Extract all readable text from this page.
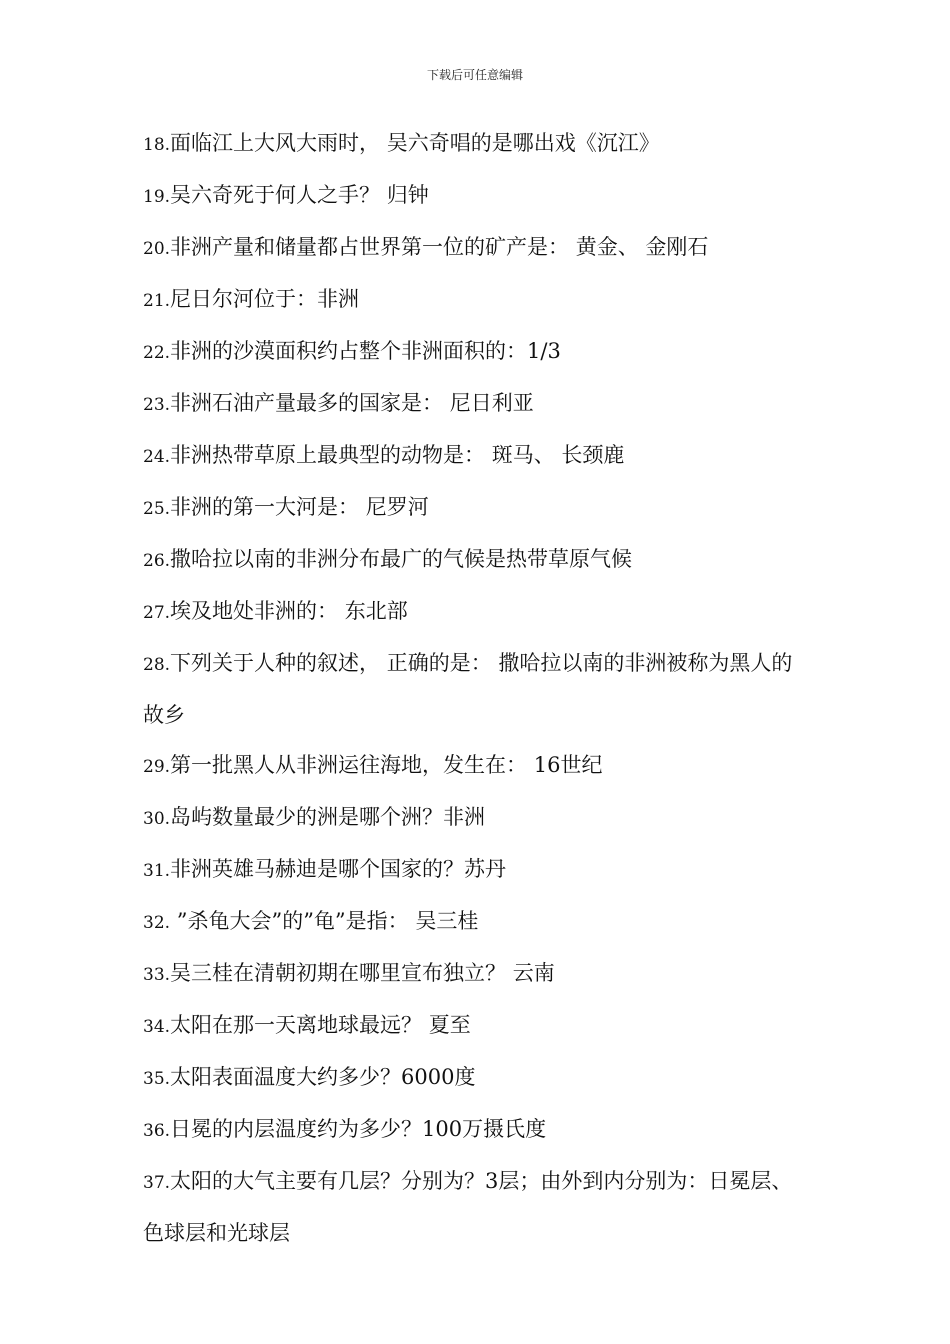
下载后可任意编辑

18.面临江上大风大雨时， 吴六奇唱的是哪出戏《沉江》

19.吴六奇死于何人之手？ 归钟

20.非洲产量和储量都占世界第一位的矿产是： 黄金、 金刚石

21.尼日尔河位于：非洲

22.非洲的沙漠面积约占整个非洲面积的：1/3

23.非洲石油产量最多的国家是： 尼日利亚

24.非洲热带草原上最典型的动物是： 斑马、 长颈鹿

25.非洲的第一大河是： 尼罗河

26.撒哈拉以南的非洲分布最广的气候是热带草原气候

27.埃及地处非洲的： 东北部

28.下列关于人种的叙述， 正确的是： 撒哈拉以南的非洲被称为黑人的故乡

29.第一批黑人从非洲运往海地，发生在： 16世纪

30.岛屿数量最少的洲是哪个洲？非洲

31.非洲英雄马赫迪是哪个国家的？苏丹

32. ”杀龟大会”的”龟”是指： 吴三桂

33.吴三桂在清朝初期在哪里宣布独立？ 云南

34.太阳在那一天离地球最远？ 夏至

35.太阳表面温度大约多少？6000度

36.日冕的内层温度约为多少？100万摄氏度

37.太阳的大气主要有几层？分别为？3层；由外到内分别为：日冕层、 色球层和光球层
